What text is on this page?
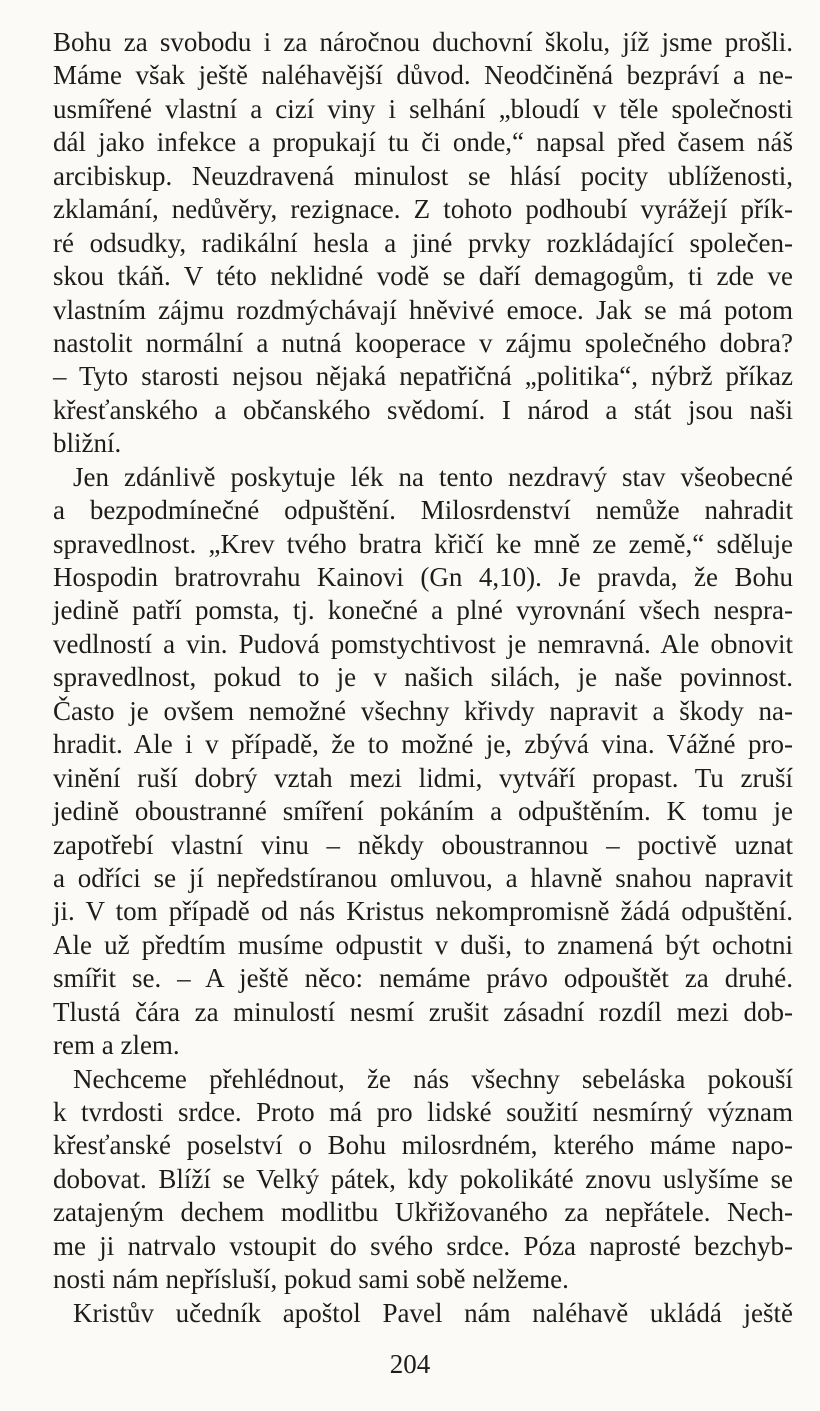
Bohu za svobodu i za náročnou duchovní školu, jíž jsme prošli.
Máme však ještě naléhavější důvod. Neodčiněná bezpráví a ne-
usmířené vlastní a cizí viny i selhání „bloudí v těle společnosti
dál jako infekce a propukají tu či onde,“ napsal před časem náš
arcibiskup. Neuzdravená minulost se hlásí pocity ublíženosti,
zklamání, nedůvěry, rezignace. Z tohoto podhoubí vyrážejí přík-
ré odsudky, radikální hesla a jiné prvky rozkládající společen-
skou tkáň. V této neklidné vodě se daří demagogům, ti zde ve
vlastním zájmu rozdmýchávají hněvivé emoce. Jak se má potom
nastolit normální a nutná kooperace v zájmu společného dobra?
– Tyto starosti nejsou nějaká nepatřičná „politika“, nýbrž příkaz
křesťanského a občanského svědomí. I národ a stát jsou naši
bližní.
Jen zdánlivě poskytuje lék na tento nezdravý stav všeobecné
a bezpodmínečné odpuštění. Milosrdenství nemůže nahradit
spravedlnost. „Krev tvého bratra křičí ke mně ze země,“ sděluje
Hospodin bratrovrahu Kainovi (Gn 4,10). Je pravda, že Bohu
jedině patří pomsta, tj. konečné a plné vyrovnání všech nespra-
vedlností a vin. Pudová pomstychtivost je nemravná. Ale obnovit
spravedlnost, pokud to je v našich silách, je naše povinnost.
Často je ovšem nemožné všechny křivdy napravit a škody na-
hradit. Ale i v případě, že to možné je, zbývá vina. Vážné pro-
vinění ruší dobrý vztah mezi lidmi, vytváří propast. Tu zruší
jedině oboustranné smíření pokáním a odpuštěním. K tomu je
zapotřebí vlastní vinu – někdy oboustrannou – poctivě uznat
a odříci se jí nepředstíranou omluvou, a hlavně snahou napravit
ji. V tom případě od nás Kristus nekompromisně žádá odpuštění.
Ale už předtím musíme odpustit v duši, to znamená být ochotni
smířit se. – A ještě něco: nemáme právo odpouštět za druhé.
Tlustá čára za minulostí nesmí zrušit zásadní rozdíl mezi dob-
rem a zlem.
Nechceme přehlédnout, že nás všechny sebeláska pokouší
k tvrdosti srdce. Proto má pro lidské soužití nesmírný význam
křesťanské poselství o Bohu milosrdném, kterého máme napo-
dobovat. Blíží se Velký pátek, kdy pokolikáté znovu uslyšíme se
zatajeným dechem modlitbu Ukřižovaného za nepřátele. Nech-
me ji natrvalo vstoupit do svého srdce. Póza naprosté bezchyb-
nosti nám nepřísluší, pokud sami sobě nelžeme.
Kristův učedník apoštol Pavel nám naléhavě ukládá ještě
204
